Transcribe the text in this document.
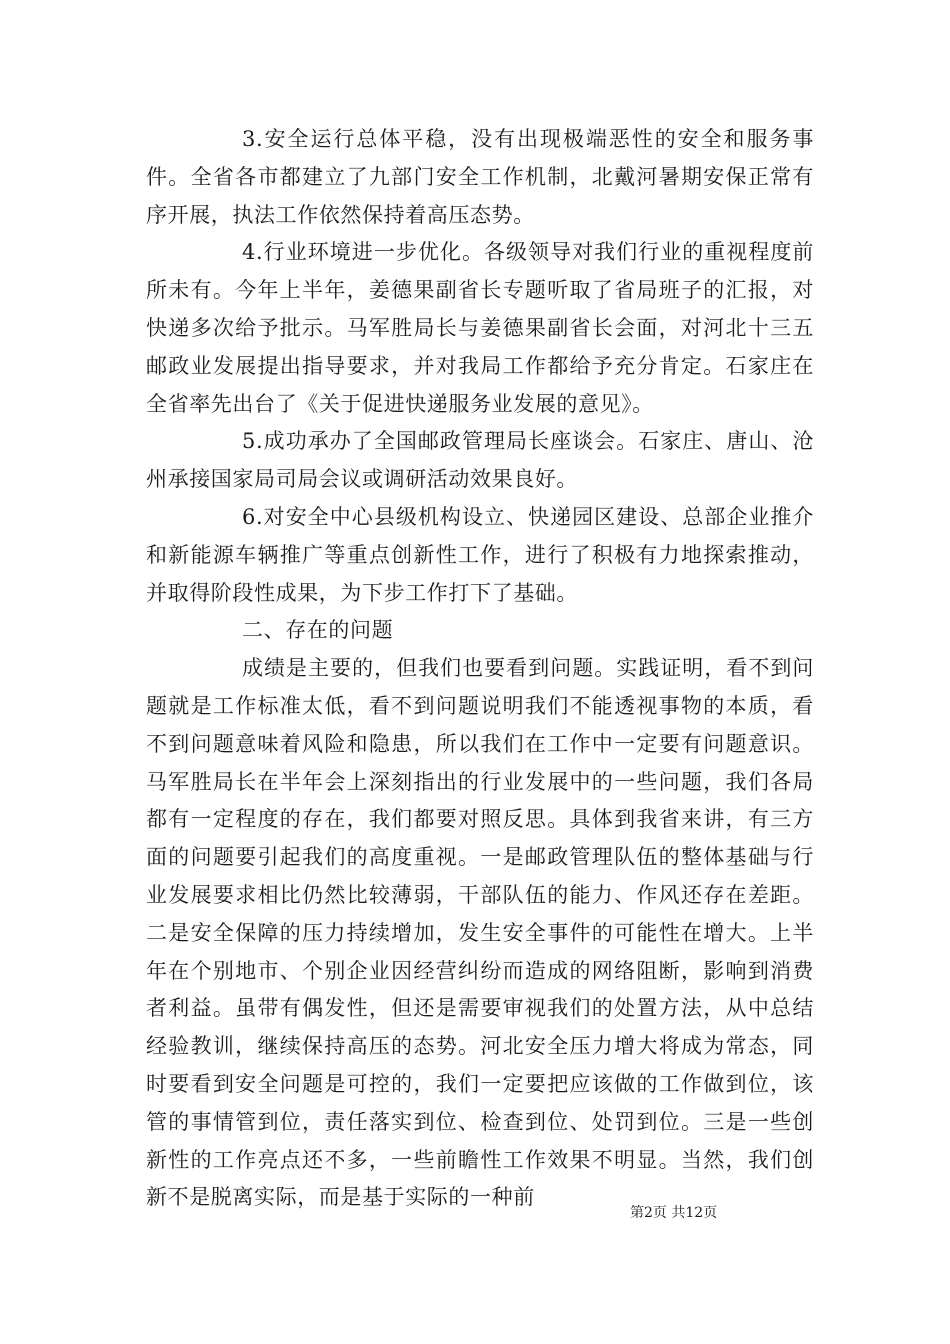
3.安全运行总体平稳，没有出现极端恶性的安全和服务事件。全省各市都建立了九部门安全工作机制，北戴河暑期安保正常有序开展，执法工作依然保持着高压态势。

4.行业环境进一步优化。各级领导对我们行业的重视程度前所未有。今年上半年，姜德果副省长专题听取了省局班子的汇报，对快递多次给予批示。马军胜局长与姜德果副省长会面，对河北十三五邮政业发展提出指导要求，并对我局工作都给予充分肯定。石家庄在全省率先出台了《关于促进快递服务业发展的意见》。

5.成功承办了全国邮政管理局长座谈会。石家庄、唐山、沧州承接国家局司局会议或调研活动效果良好。

6.对安全中心县级机构设立、快递园区建设、总部企业推介和新能源车辆推广等重点创新性工作，进行了积极有力地探索推动，并取得阶段性成果，为下步工作打下了基础。

二、存在的问题

成绩是主要的，但我们也要看到问题。实践证明，看不到问题就是工作标准太低，看不到问题说明我们不能透视事物的本质，看不到问题意味着风险和隐患，所以我们在工作中一定要有问题意识。马军胜局长在半年会上深刻指出的行业发展中的一些问题，我们各局都有一定程度的存在，我们都要对照反思。具体到我省来讲，有三方面的问题要引起我们的高度重视。一是邮政管理队伍的整体基础与行业发展要求相比仍然比较薄弱，干部队伍的能力、作风还存在差距。二是安全保障的压力持续增加，发生安全事件的可能性在增大。上半年在个别地市、个别企业因经营纠纷而造成的网络阻断，影响到消费者利益。虽带有偶发性，但还是需要审视我们的处置方法，从中总结经验教训，继续保持高压的态势。河北安全压力增大将成为常态，同时要看到安全问题是可控的，我们一定要把应该做的工作做到位，该管的事情管到位，责任落实到位、检查到位、处罚到位。三是一些创新性的工作亮点还不多，一些前瞻性工作效果不明显。当然，我们创新不是脱离实际，而是基于实际的一种前

第2页 共12页
